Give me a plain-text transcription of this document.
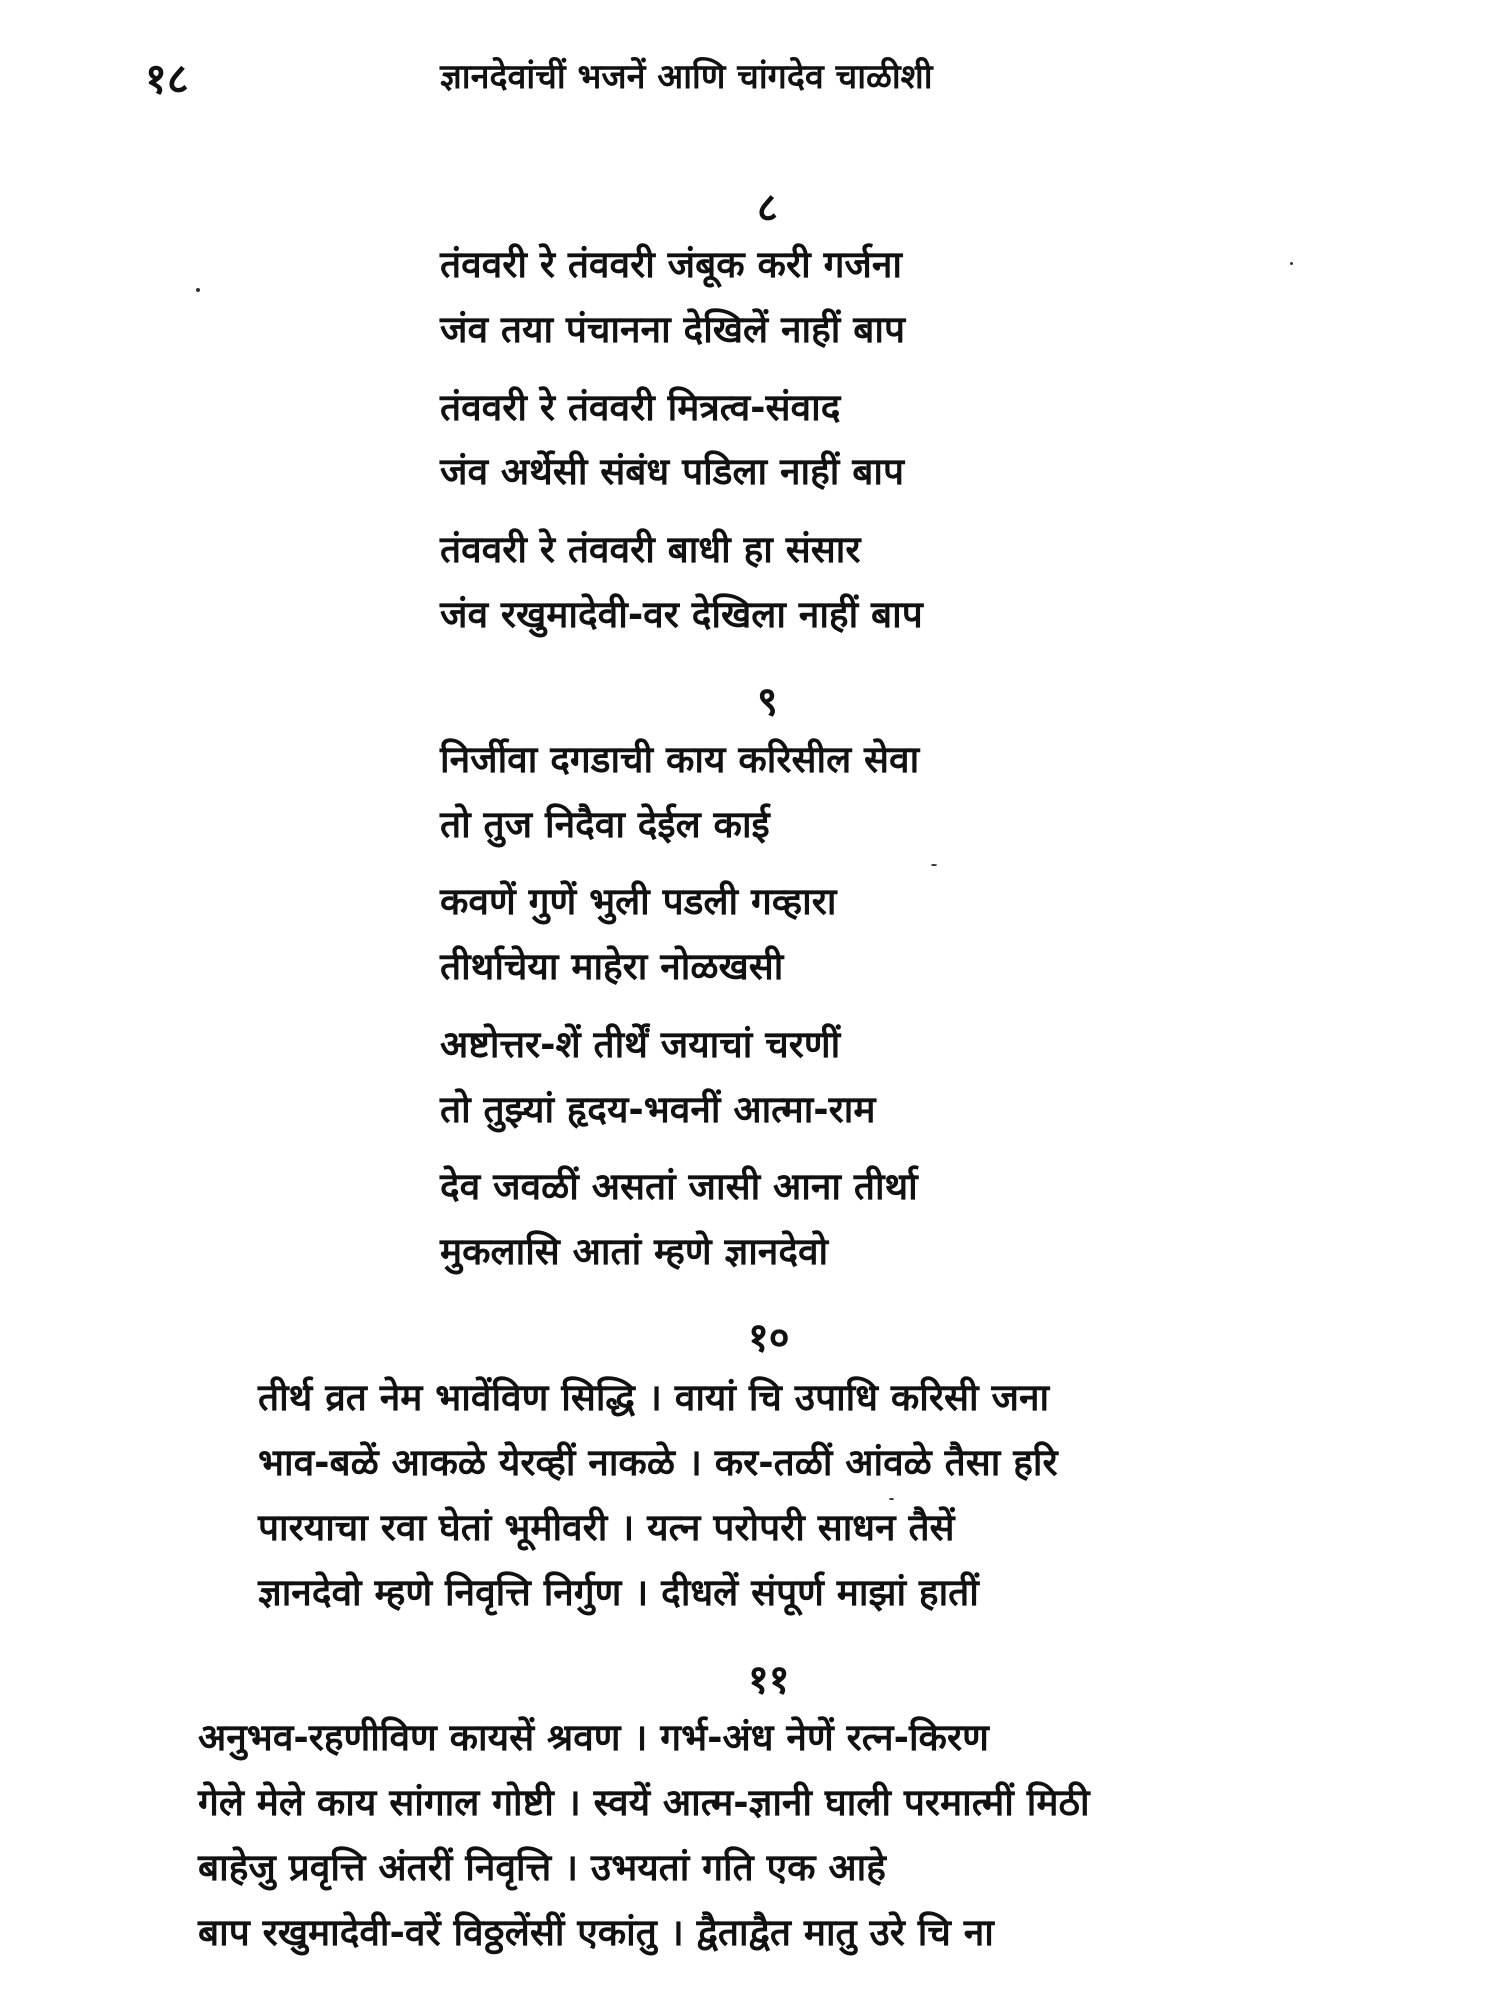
१८	ज्ञानदेवांचीं भजनें आणि चांगदेव चाळीशी
८
तंववरी रे तंववरी जंबूक करी गर्जना
जंव तया पंचानना देखिलें नाहीं बाप
तंववरी रे तंववरी मित्रत्व-संवाद
जंव अर्थेसी संबंध पडिला नाहीं बाप
तंववरी रे तंववरी बाधी हा संसार
जंव रखुमादेवी-वर देखिला नाहीं बाप
९
निर्जीवा दगडाची काय करिसील सेवा
तो तुज निदैवा देईल काई
कवणें गुणें भुली पडली गव्हारा
तीर्थाचेया माहेरा नोळखसी
अष्टोत्तर-शें तीर्थें जयाचां चरणीं
तो तुझ्यां हृदय-भवनीं आत्मा-राम
देव जवळीं असतां जासी आना तीर्था
मुकलासि आतां म्हणे ज्ञानदेवो
१०
तीर्थ व्रत नेम भावेंविण सिद्धि । वायां चि उपाधि करिसी जना
भाव-बळें आकळे येरव्हीं नाकळे । कर-तळीं आंवळे तैसा हरि
पारयाचा रवा घेतां भूमीवरी । यत्न परोपरी साधन तैसें
ज्ञानदेवो म्हणे निवृत्ति निर्गुण । दीधलें संपूर्ण माझां हातीं
११
अनुभव-रहणीविण कायसें श्रवण । गर्भ-अंध नेणें रत्न-किरण
गेले मेले काय सांगाल गोष्टी । स्वयें आत्म-ज्ञानी घाली परमात्मीं मिठी
बाहेजु प्रवृत्ति अंतरीं निवृत्ति । उभयतां गति एक आहे
बाप रखुमादेवी-वरें विठ्ठलेंसीं एकांतु । द्वैताद्वैत मातु उरे चि ना
